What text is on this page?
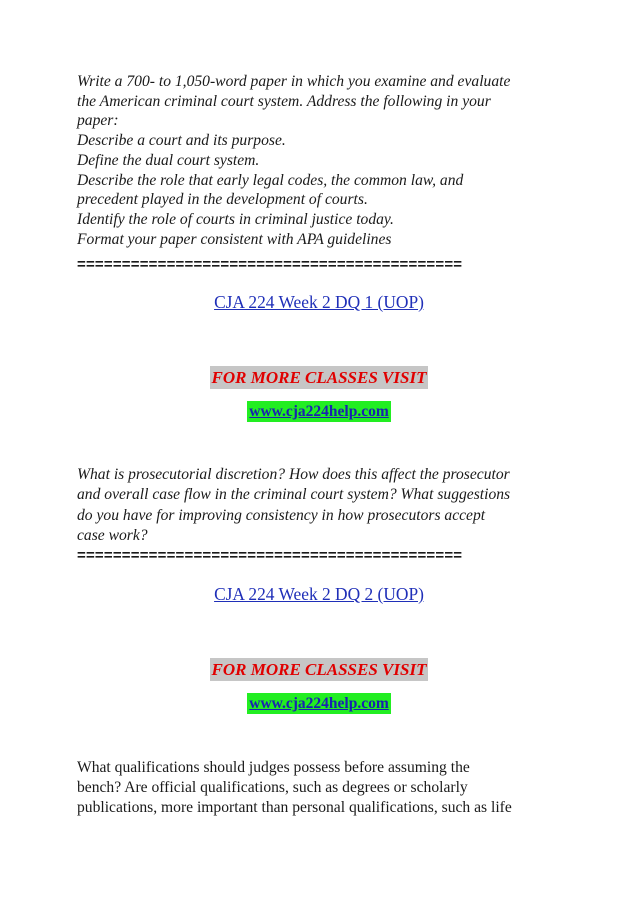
Write a 700- to 1,050-word paper in which you examine and evaluate
the American criminal court system. Address the following in your
paper:
Describe a court and its purpose.
Define the dual court system.
Describe the role that early legal codes, the common law, and
precedent played in the development of courts.
Identify the role of courts in criminal justice today.
Format your paper consistent with APA guidelines
===========================================
CJA 224 Week 2 DQ 1 (UOP)
FOR MORE CLASSES VISIT
www.cja224help.com
What is prosecutorial discretion? How does this affect the prosecutor
and overall case flow in the criminal court system? What suggestions
do you have for improving consistency in how prosecutors accept
case work?
===========================================
CJA 224 Week 2 DQ 2 (UOP)
FOR MORE CLASSES VISIT
www.cja224help.com
What qualifications should judges possess before assuming the
bench? Are official qualifications, such as degrees or scholarly
publications, more important than personal qualifications, such as life
